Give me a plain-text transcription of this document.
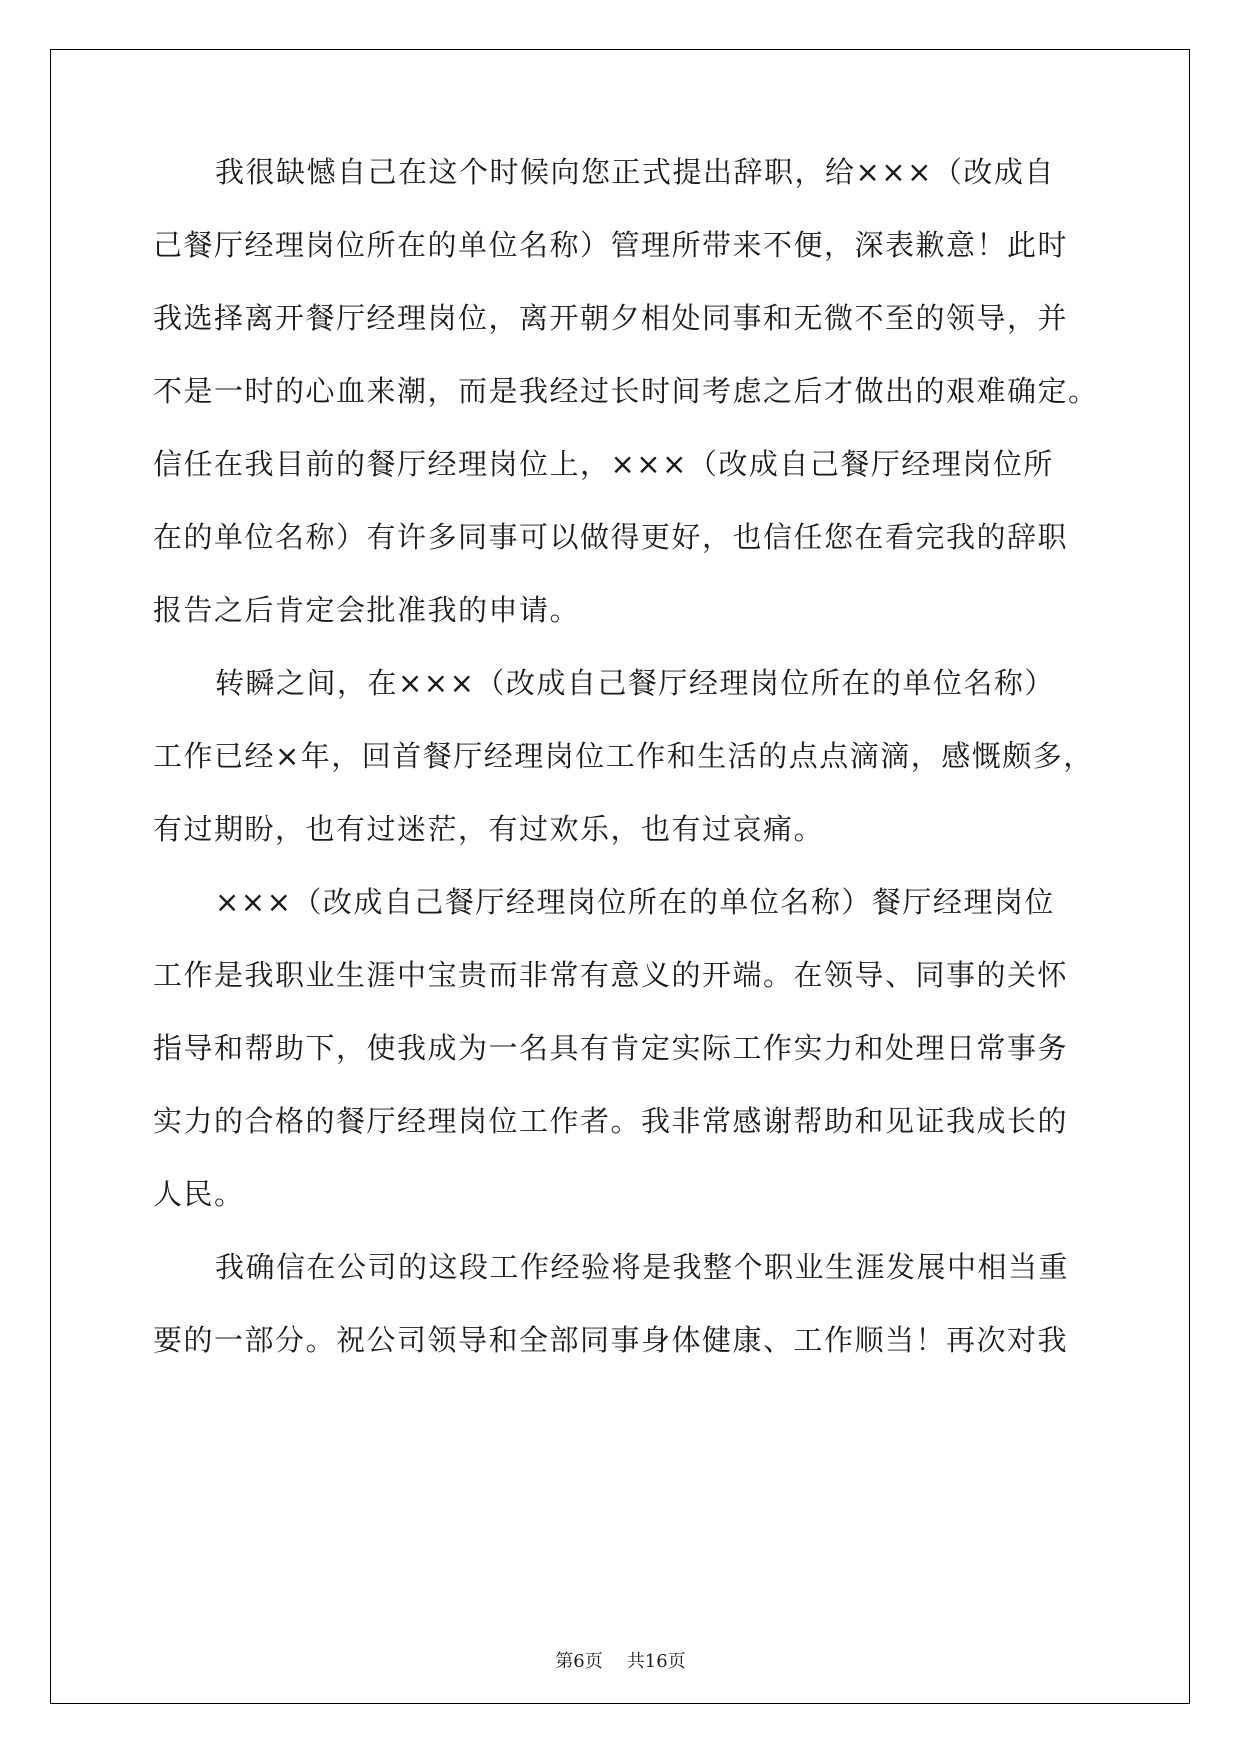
我很缺憾自己在这个时候向您正式提出辞职，给×××（改成自
己餐厅经理岗位所在的单位名称）管理所带来不便，深表歉意！此时
我选择离开餐厅经理岗位，离开朝夕相处同事和无微不至的领导，并
不是一时的心血来潮，而是我经过长时间考虑之后才做出的艰难确定。
信任在我目前的餐厅经理岗位上，×××（改成自己餐厅经理岗位所
在的单位名称）有许多同事可以做得更好，也信任您在看完我的辞职
报告之后肯定会批准我的申请。
转瞬之间，在×××（改成自己餐厅经理岗位所在的单位名称）
工作已经×年，回首餐厅经理岗位工作和生活的点点滴滴，感慨颇多，
有过期盼，也有过迷茫，有过欢乐，也有过哀痛。
×××（改成自己餐厅经理岗位所在的单位名称）餐厅经理岗位
工作是我职业生涯中宝贵而非常有意义的开端。在领导、同事的关怀
指导和帮助下，使我成为一名具有肯定实际工作实力和处理日常事务
实力的合格的餐厅经理岗位工作者。我非常感谢帮助和见证我成长的
人民。
我确信在公司的这段工作经验将是我整个职业生涯发展中相当重
要的一部分。祝公司领导和全部同事身体健康、工作顺当！再次对我
第6页 共16页
